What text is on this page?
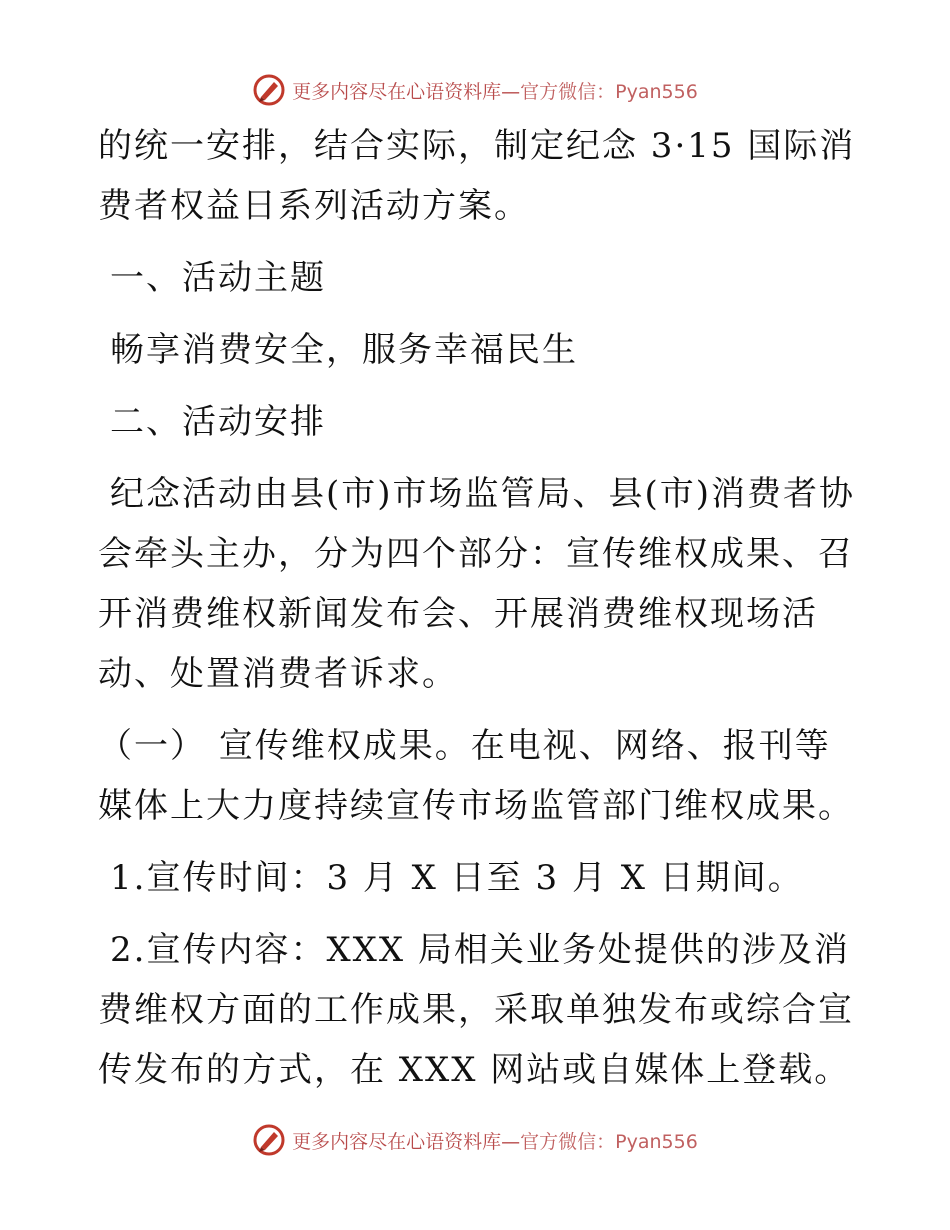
更多内容尽在心语资料库—官方微信：Pyan556

的统一安排，结合实际，制定纪念 3·15 国际消费者权益日系列活动方案。

一、活动主题

畅享消费安全，服务幸福民生

二、活动安排

纪念活动由县(市)市场监管局、县(市)消费者协会牵头主办，分为四个部分：宣传维权成果、召开消费维权新闻发布会、开展消费维权现场活动、处置消费者诉求。

（一） 宣传维权成果。在电视、网络、报刊等媒体上大力度持续宣传市场监管部门维权成果。

1.宣传时间：3 月 X 日至 3 月 X 日期间。

2.宣传内容：XXX 局相关业务处提供的涉及消费维权方面的工作成果，采取单独发布或综合宣传发布的方式，在 XXX 网站或自媒体上登载。

更多内容尽在心语资料库—官方微信：Pyan556
